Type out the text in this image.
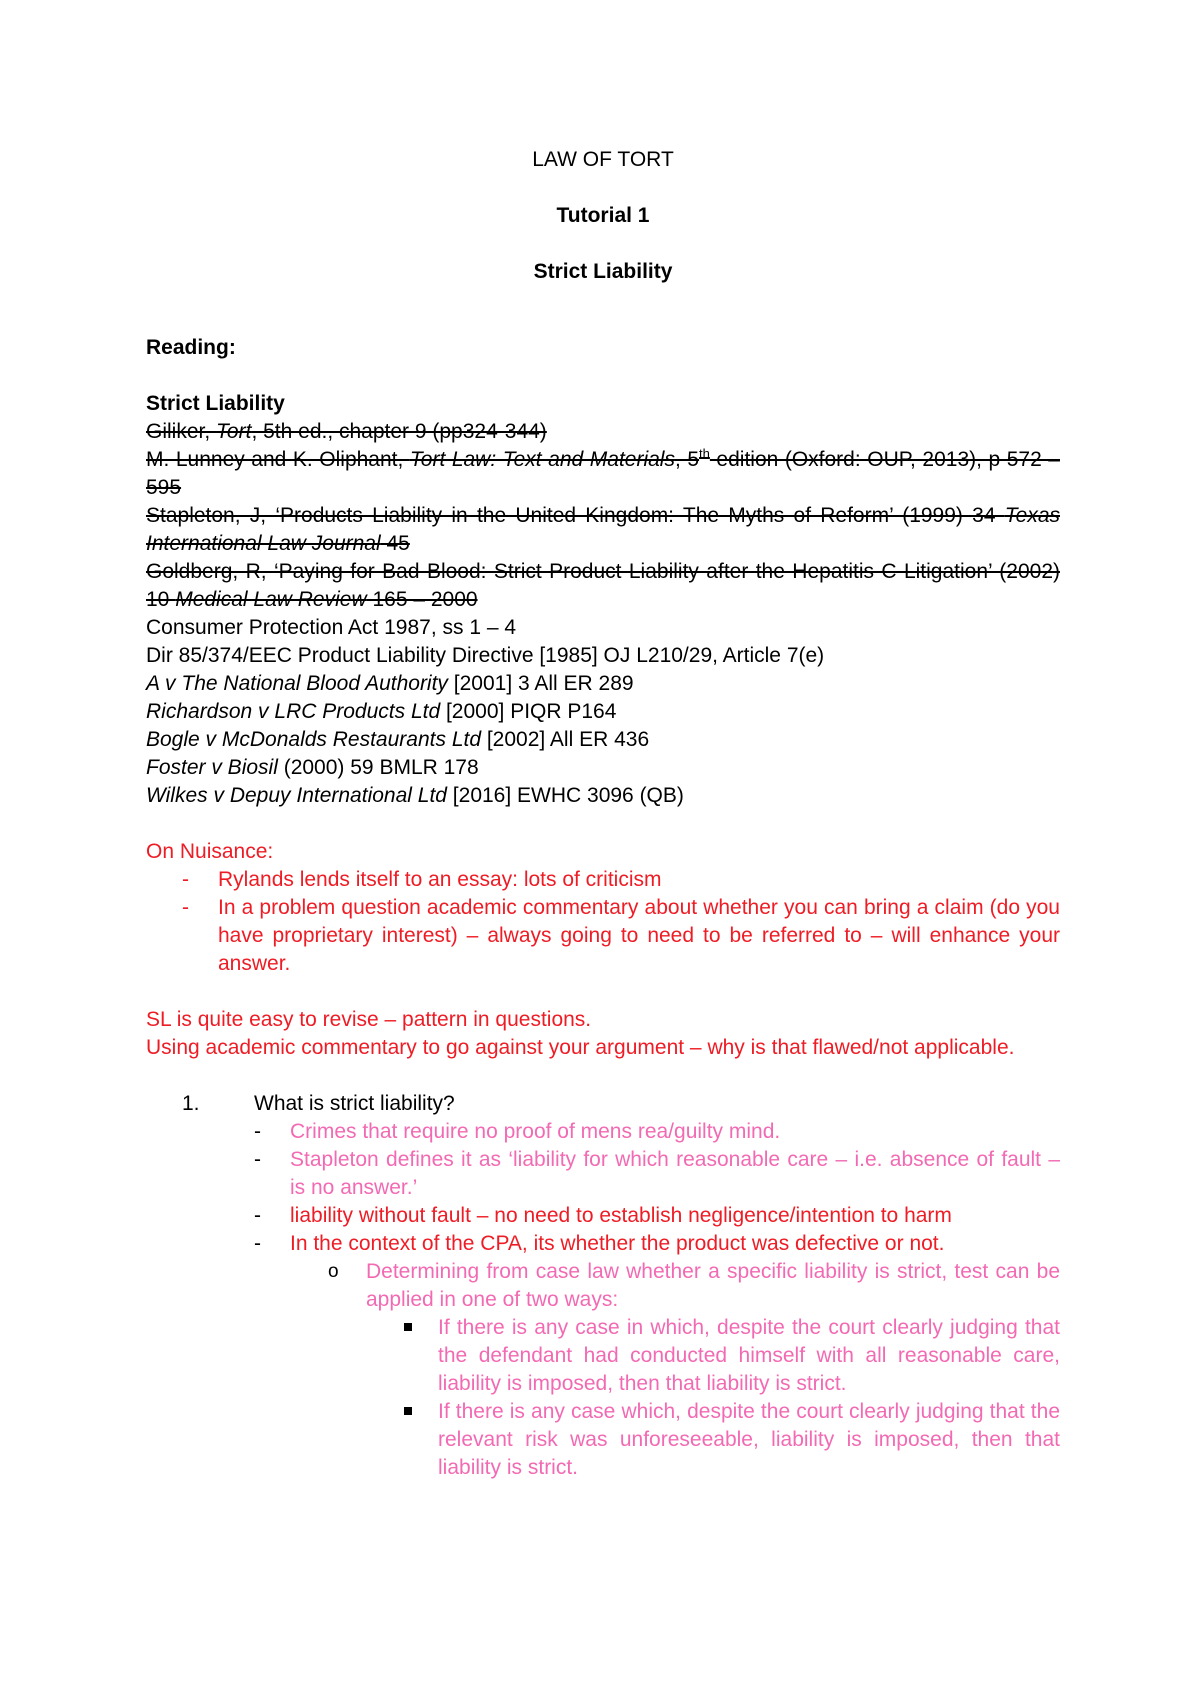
LAW OF TORT
Tutorial 1
Strict Liability
Reading:
Strict Liability
Giliker, Tort, 5th ed., chapter 9 (pp324-344)
M. Lunney and K. Oliphant, Tort Law: Text and Materials, 5th edition (Oxford: OUP, 2013), p 572 – 595
Stapleton, J, ‘Products Liability in the United Kingdom: The Myths of Reform’ (1999) 34 Texas International Law Journal 45
Goldberg, R, ‘Paying for Bad Blood: Strict Product Liability after the Hepatitis C Litigation’ (2002) 10 Medical Law Review 165 – 2000
Consumer Protection Act 1987, ss 1 – 4
Dir 85/374/EEC Product Liability Directive [1985] OJ L210/29, Article 7(e)
A v The National Blood Authority [2001] 3 All ER 289
Richardson v LRC Products Ltd [2000] PIQR P164
Bogle v McDonalds Restaurants Ltd [2002] All ER 436
Foster v Biosil (2000) 59 BMLR 178
Wilkes v Depuy International Ltd [2016] EWHC 3096 (QB)
On Nuisance:
- Rylands lends itself to an essay: lots of criticism
- In a problem question academic commentary about whether you can bring a claim (do you have proprietary interest) – always going to need to be referred to – will enhance your answer.
SL is quite easy to revise – pattern in questions.
Using academic commentary to go against your argument – why is that flawed/not applicable.
1.	What is strict liability?
- Crimes that require no proof of mens rea/guilty mind.
- Stapleton defines it as ‘liability for which reasonable care – i.e. absence of fault – is no answer.’
- liability without fault – no need to establish negligence/intention to harm
- In the context of the CPA, its whether the product was defective or not.
o Determining from case law whether a specific liability is strict, test can be applied in one of two ways:
If there is any case in which, despite the court clearly judging that the defendant had conducted himself with all reasonable care, liability is imposed, then that liability is strict.
If there is any case which, despite the court clearly judging that the relevant risk was unforeseeable, liability is imposed, then that liability is strict.
